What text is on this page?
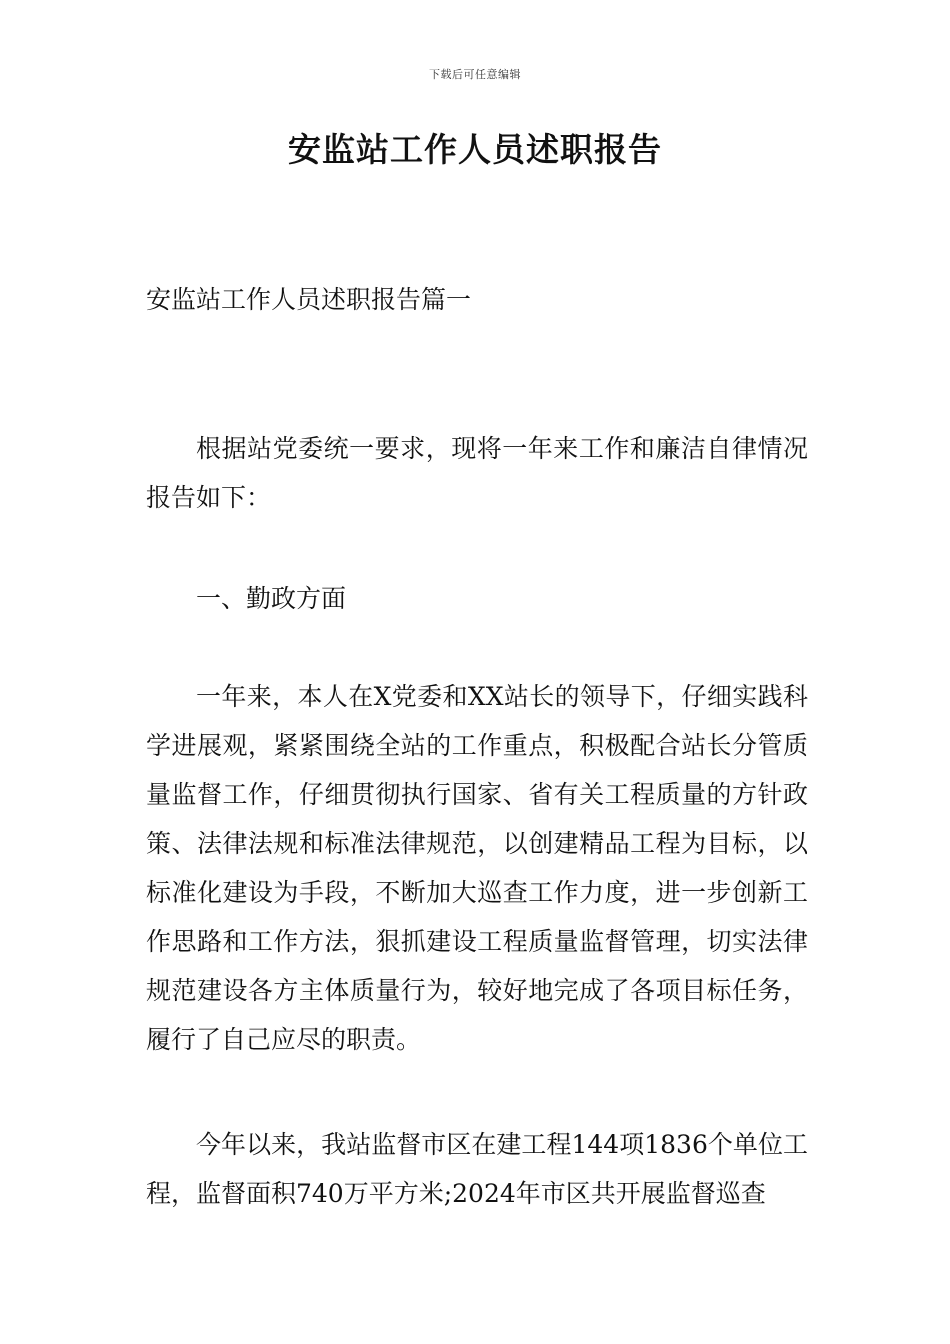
下载后可任意编辑
安监站工作人员述职报告

安监站工作人员述职报告篇一

根据站党委统一要求，现将一年来工作和廉洁自律情况报告如下：

一、勤政方面

一年来，本人在X党委和XX站长的领导下，仔细实践科学进展观，紧紧围绕全站的工作重点，积极配合站长分管质量监督工作，仔细贯彻执行国家、省有关工程质量的方针政策、法律法规和标准法律规范，以创建精品工程为目标，以标准化建设为手段，不断加大巡查工作力度，进一步创新工作思路和工作方法，狠抓建设工程质量监督管理，切实法律规范建设各方主体质量行为，较好地完成了各项目标任务，履行了自己应尽的职责。

今年以来，我站监督市区在建工程144项1836个单位工程，监督面积740万平方米;2024年市区共开展监督巡查
